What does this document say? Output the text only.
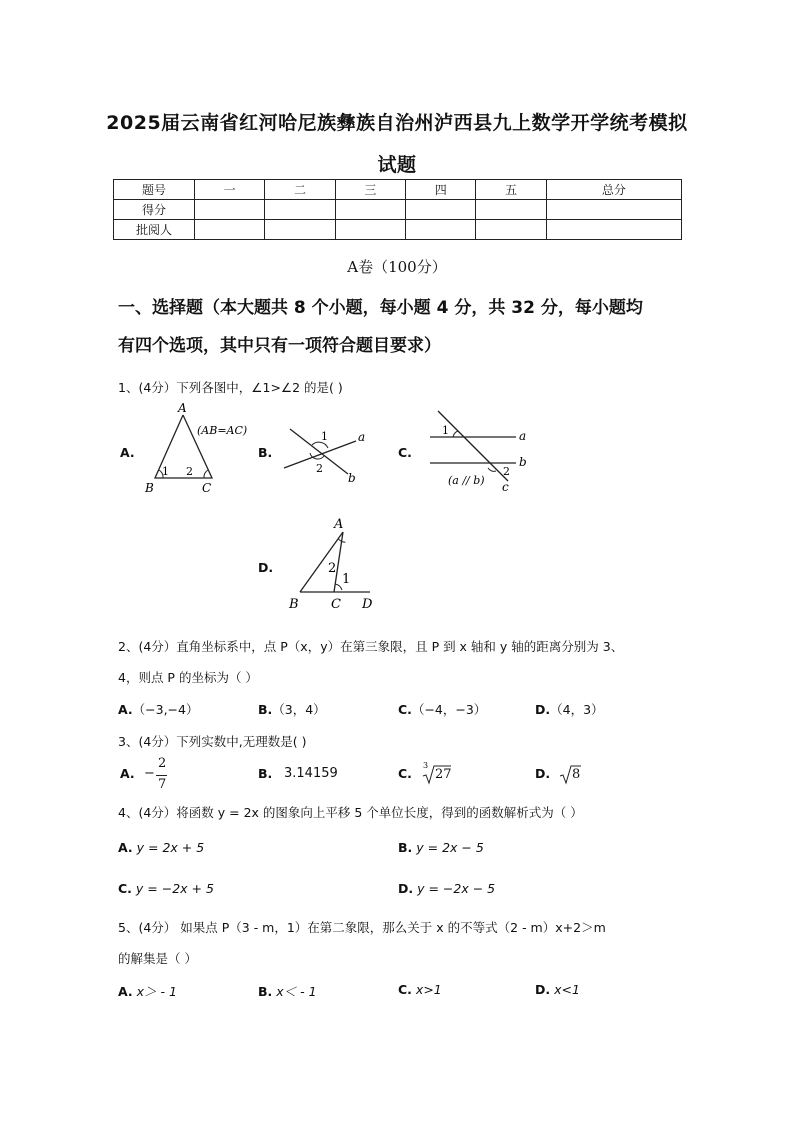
2025届云南省红河哈尼族彝族自治州泸西县九上数学开学统考模拟
试题
题号	一	二	三	四	五	总分
得分						
批阅人						
A卷（100分）
一、选择题（本大题共 8 个小题，每小题 4 分，共 32 分，每小题均
有四个选项，其中只有一项符合题目要求）
1、(4分）下列各图中，∠1>∠2 的是( )
A.
A
B	C
1 2
(AB=AC)
B.
1
2
a
b
C.
1
2
a
b
c
(a // b)
D.
A
B C D
1
2
2、(4分）直角坐标系中，点 P（x，y）在第三象限，且 P 到 x 轴和 y 轴的距离分别为 3、
4，则点 P 的坐标为（ ）
A.（−3,−4）	B.（3，4）	C.（−4，−3）	D.（4，3）
3、(4分）下列实数中,无理数是( )
A. −
2
7
B. 3.14159	C.
3
27	D. 8
4、(4分）将函数 y = 2x 的图象向上平移 5 个单位长度，得到的函数解析式为（ ）
A. y = 2x + 5	B. y = 2x − 5
C. y = −2x + 5	D. y = −2x − 5
5、(4分） 如果点 P（3 - m，1）在第二象限，那么关于 x 的不等式（2 - m）x+2＞m
的解集是（ ）
A. x＞ - 1	B. x＜ - 1	C. x>1	D. x<1
